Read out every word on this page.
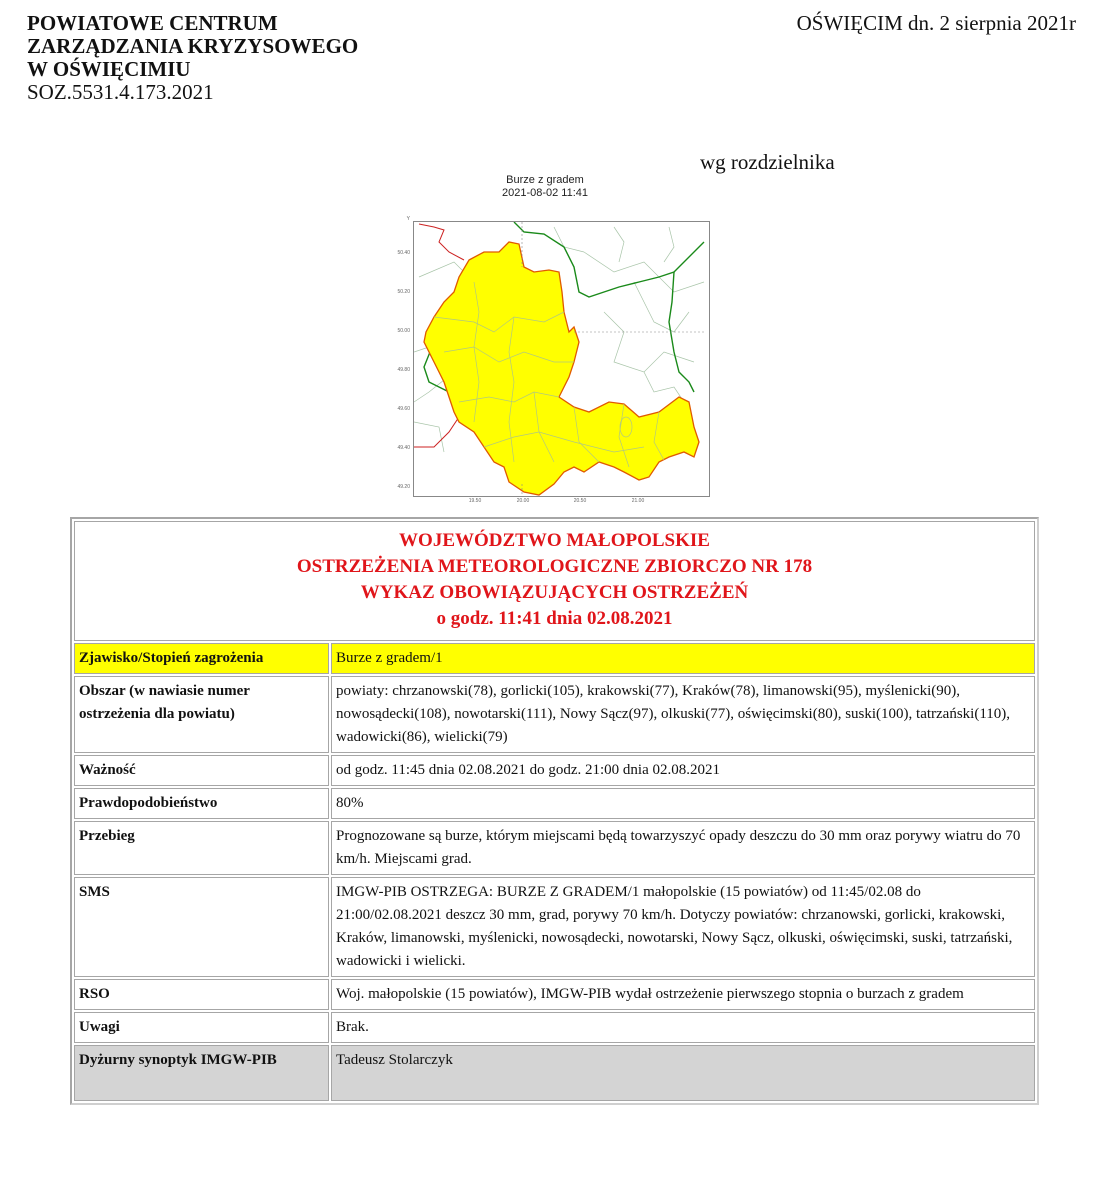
POWIATOWE CENTRUM
ZARZĄDZANIA KRYZYSOWEGO
W OŚWIĘCIMIU
SOZ.5531.4.173.2021
OŚWIĘCIM dn. 2 sierpnia 2021r
wg rozdzielnika
Burze z gradem
2021-08-02 11:41
Y
50.40
50.20
50.00
49.80
49.60
49.40
49.20
19.50	20.00	20.50	21.00
WOJEWÓDZTWO MAŁOPOLSKIE
OSTRZEŻENIA METEOROLOGICZNE ZBIORCZO NR 178
WYKAZ OBOWIĄZUJĄCYCH OSTRZEŻEŃ
o godz. 11:41 dnia 02.08.2021	

Zjawisko/Stopień zagrożenia	Burze z gradem/1
Obszar (w nawiasie numer ostrzeżenia dla powiatu)	powiaty: chrzanowski(78), gorlicki(105), krakowski(77), Kraków(78), limanowski(95), myślenicki(90), nowosądecki(108), nowotarski(111), Nowy Sącz(97), olkuski(77), oświęcimski(80), suski(100), tatrzański(110), wadowicki(86), wielicki(79)
Ważność	od godz. 11:45 dnia 02.08.2021 do godz. 21:00 dnia 02.08.2021
Prawdopodobieństwo	80%
Przebieg	Prognozowane są burze, którym miejscami będą towarzyszyć opady deszczu do 30 mm oraz porywy wiatru do 70 km/h. Miejscami grad.
SMS	IMGW-PIB OSTRZEGA: BURZE Z GRADEM/1 małopolskie (15 powiatów) od 11:45/02.08 do 21:00/02.08.2021 deszcz 30 mm, grad, porywy 70 km/h. Dotyczy powiatów: chrzanowski, gorlicki, krakowski, Kraków, limanowski, myślenicki, nowosądecki, nowotarski, Nowy Sącz, olkuski, oświęcimski, suski, tatrzański, wadowicki i wielicki.
RSO	Woj. małopolskie (15 powiatów), IMGW-PIB wydał ostrzeżenie pierwszego stopnia o burzach z gradem
Uwagi	Brak.
Dyżurny synoptyk IMGW-PIB	Tadeusz Stolarczyk
